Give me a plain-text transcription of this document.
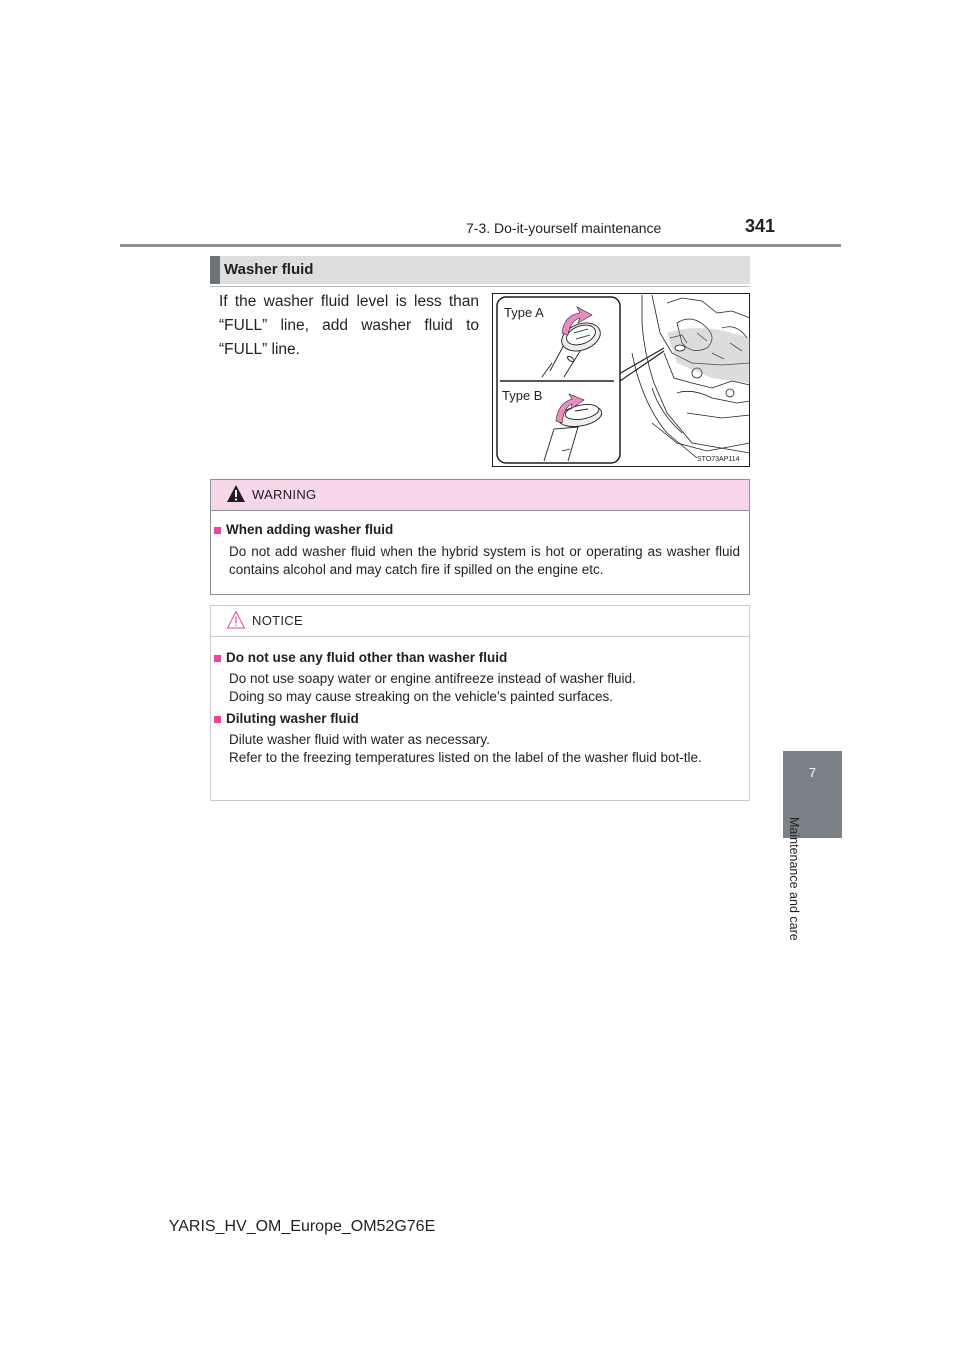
7-3. Do-it-yourself maintenance	341
7
Maintenance and care
Washer fluid
If the washer fluid level is less than “FULL” line, add washer fluid to “FULL” line.
Type A
Type B
STO73AP114
WARNING
When adding washer fluid
Do not add washer fluid when the hybrid system is hot or operating as washer fluid contains alcohol and may catch fire if spilled on the engine etc.
NOTICE
Do not use any fluid other than washer fluid
Do not use soapy water or engine antifreeze instead of washer fluid.
Doing so may cause streaking on the vehicle’s painted surfaces.
Diluting washer fluid
Dilute washer fluid with water as necessary.
Refer to the freezing temperatures listed on the label of the washer fluid bot-tle.
YARIS_HV_OM_Europe_OM52G76E
